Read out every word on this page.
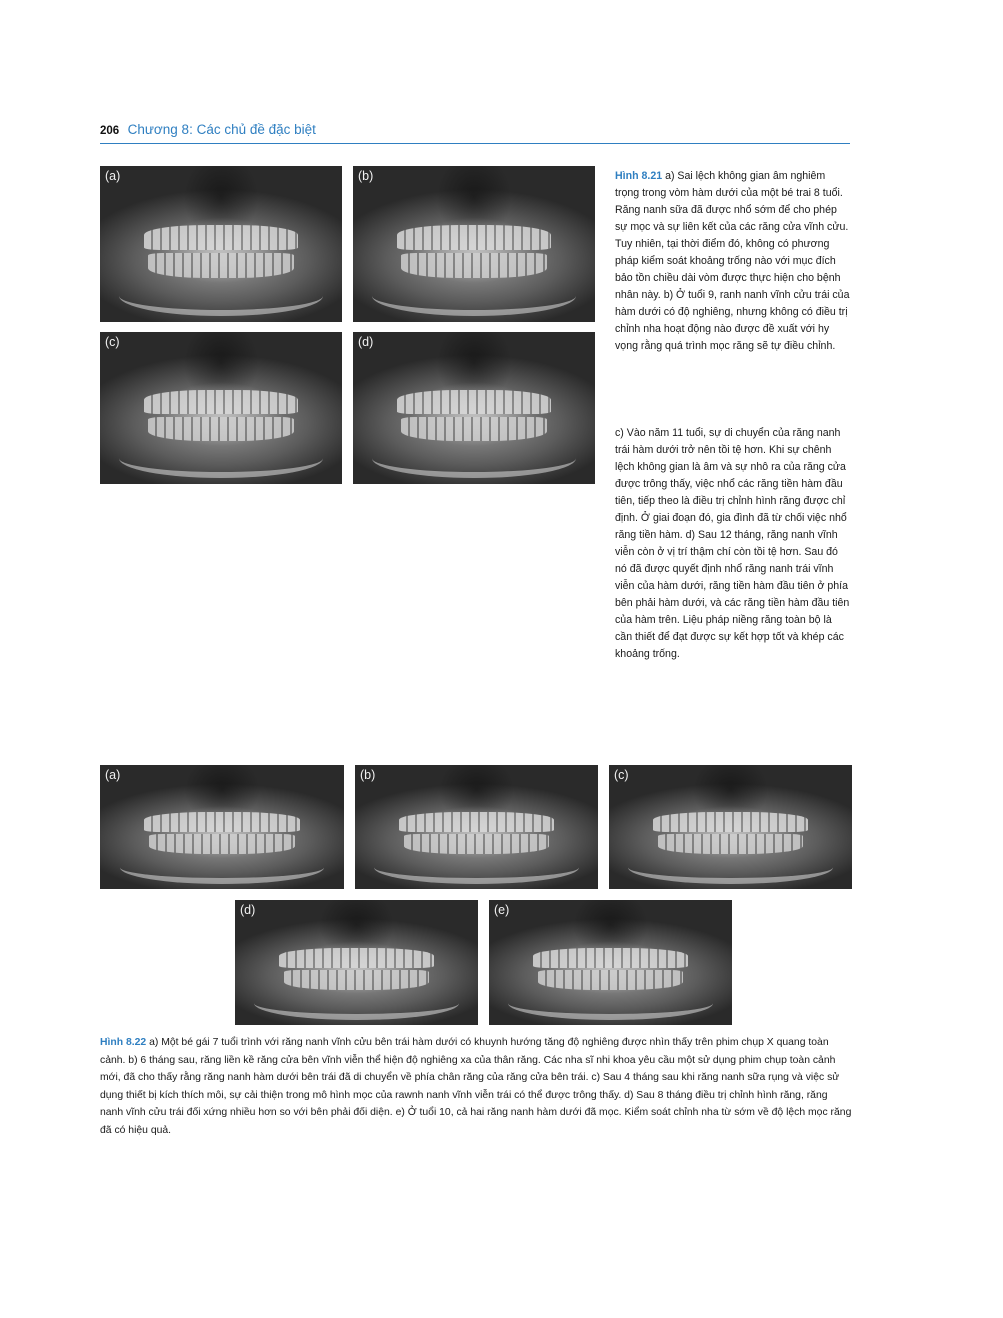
206 Chương 8: Các chủ đề đặc biệt
(a)	(b)
(c)	(d)
Hình 8.21 a) Sai lệch không gian âm nghiêm trọng trong vòm hàm dưới của một bé trai 8 tuổi. Răng nanh sữa đã được nhổ sớm để cho phép sự mọc và sự liên kết của các răng cửa vĩnh cửu. Tuy nhiên, tại thời điểm đó, không có phương pháp kiểm soát khoảng trống nào với mục đích bảo tồn chiều dài vòm được thực hiện cho bệnh nhân này. b) Ở tuổi 9, ranh nanh vĩnh cửu trái của hàm dưới có độ nghiêng, nhưng không có điều trị chỉnh nha hoạt động nào được đề xuất với hy vọng rằng quá trình mọc răng sẽ tự điều chỉnh.
c) Vào năm 11 tuổi, sự di chuyển của răng nanh trái hàm dưới trở nên tồi tệ hơn. Khi sự chênh lệch không gian là âm và sự nhô ra của răng cửa được trông thấy, việc nhổ các răng tiền hàm đầu tiên, tiếp theo là điều trị chỉnh hình răng được chỉ định. Ở giai đoạn đó, gia đình đã từ chối việc nhổ răng tiền hàm. d) Sau 12 tháng, răng nanh vĩnh viễn còn ở vị trí thậm chí còn tồi tệ hơn. Sau đó nó đã được quyết định nhổ răng nanh trái vĩnh viễn của hàm dưới, răng tiền hàm đầu tiên ở phía bên phải hàm dưới, và các răng tiền hàm đầu tiên của hàm trên. Liệu pháp niềng răng toàn bộ là cần thiết để đạt được sự kết hợp tốt và khép các khoảng trống.
(a)	(b)	(c)
(d)	(e)
Hình 8.22 a) Một bé gái 7 tuổi trình với răng nanh vĩnh cửu bên trái hàm dưới có khuynh hướng tăng độ nghiêng được nhìn thấy trên phim chụp X quang toàn cảnh. b) 6 tháng sau, răng liền kề răng cửa bên vĩnh viễn thể hiện độ nghiêng xa của thân răng. Các nha sĩ nhi khoa yêu cầu một sử dụng phim chụp toàn cảnh mới, đã cho thấy rằng răng nanh hàm dưới bên trái đã di chuyển về phía chân răng của răng cửa bên trái. c) Sau 4 tháng sau khi răng nanh sữa rụng và việc sử dụng thiết bị kích thích môi, sự cải thiện trong mô hình mọc của rawnh nanh vĩnh viễn trái có thể được trông thấy. d) Sau 8 tháng điều trị chỉnh hình răng, răng nanh vĩnh cửu trái đối xứng nhiều hơn so với bên phải đối diện. e) Ở tuổi 10, cả hai răng nanh hàm dưới đã mọc. Kiểm soát chỉnh nha từ sớm về độ lệch mọc răng đã có hiệu quả.
